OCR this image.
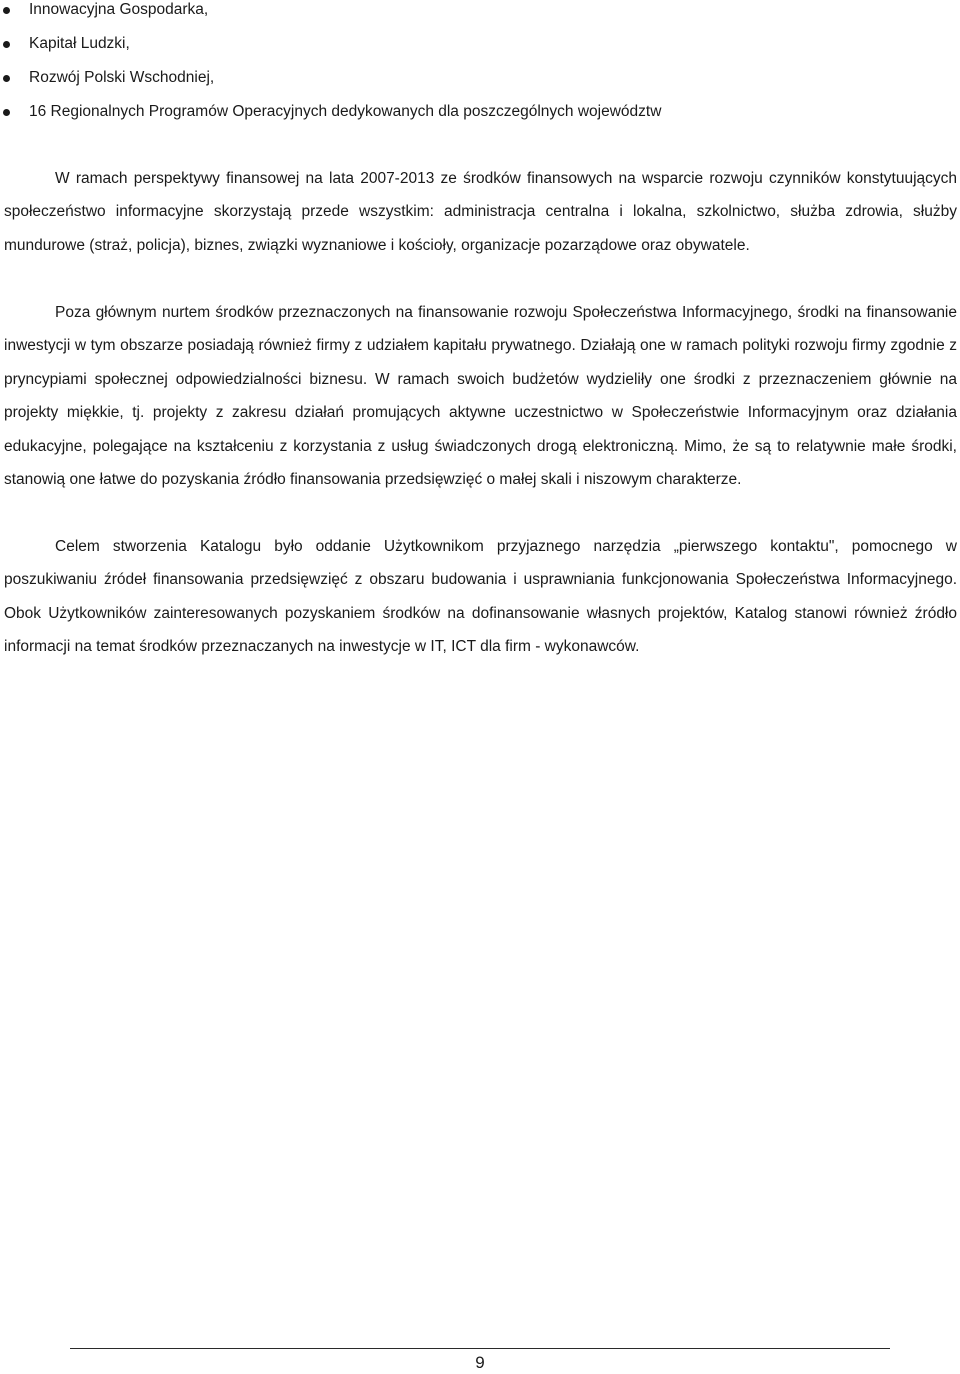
Innowacyjna Gospodarka,
Kapitał Ludzki,
Rozwój Polski Wschodniej,
16 Regionalnych Programów Operacyjnych dedykowanych dla poszczególnych województw

W ramach perspektywy finansowej na lata 2007-2013 ze środków finansowych na wsparcie rozwoju czynników konstytuujących społeczeństwo informacyjne skorzystają przede wszystkim: administracja centralna i lokalna, szkolnictwo, służba zdrowia, służby mundurowe (straż, policja), biznes, związki wyznaniowe i kościoły, organizacje pozarządowe oraz obywatele.

Poza głównym nurtem środków przeznaczonych na finansowanie rozwoju Społeczeństwa Informacyjnego, środki na finansowanie inwestycji w tym obszarze posiadają również firmy z udziałem kapitału prywatnego. Działają one w ramach polityki rozwoju firmy zgodnie z pryncypiami społecznej odpowiedzialności biznesu. W ramach swoich budżetów wydzieliły one środki z przeznaczeniem głównie na projekty miękkie, tj. projekty z zakresu działań promujących aktywne uczestnictwo w Społeczeństwie Informacyjnym oraz działania edukacyjne, polegające na kształceniu z korzystania z usług świadczonych drogą elektroniczną. Mimo, że są to relatywnie małe środki, stanowią one łatwe do pozyskania źródło finansowania przedsięwzięć o małej skali i niszowym charakterze.

Celem stworzenia Katalogu było oddanie Użytkownikom przyjaznego narzędzia „pierwszego kontaktu", pomocnego w poszukiwaniu źródeł finansowania przedsięwzięć z obszaru budowania i usprawniania funkcjonowania Społeczeństwa Informacyjnego. Obok Użytkowników zainteresowanych pozyskaniem środków na dofinansowanie własnych projektów, Katalog stanowi również źródło informacji na temat środków przeznaczanych na inwestycje w IT, ICT dla firm - wykonawców.

9
